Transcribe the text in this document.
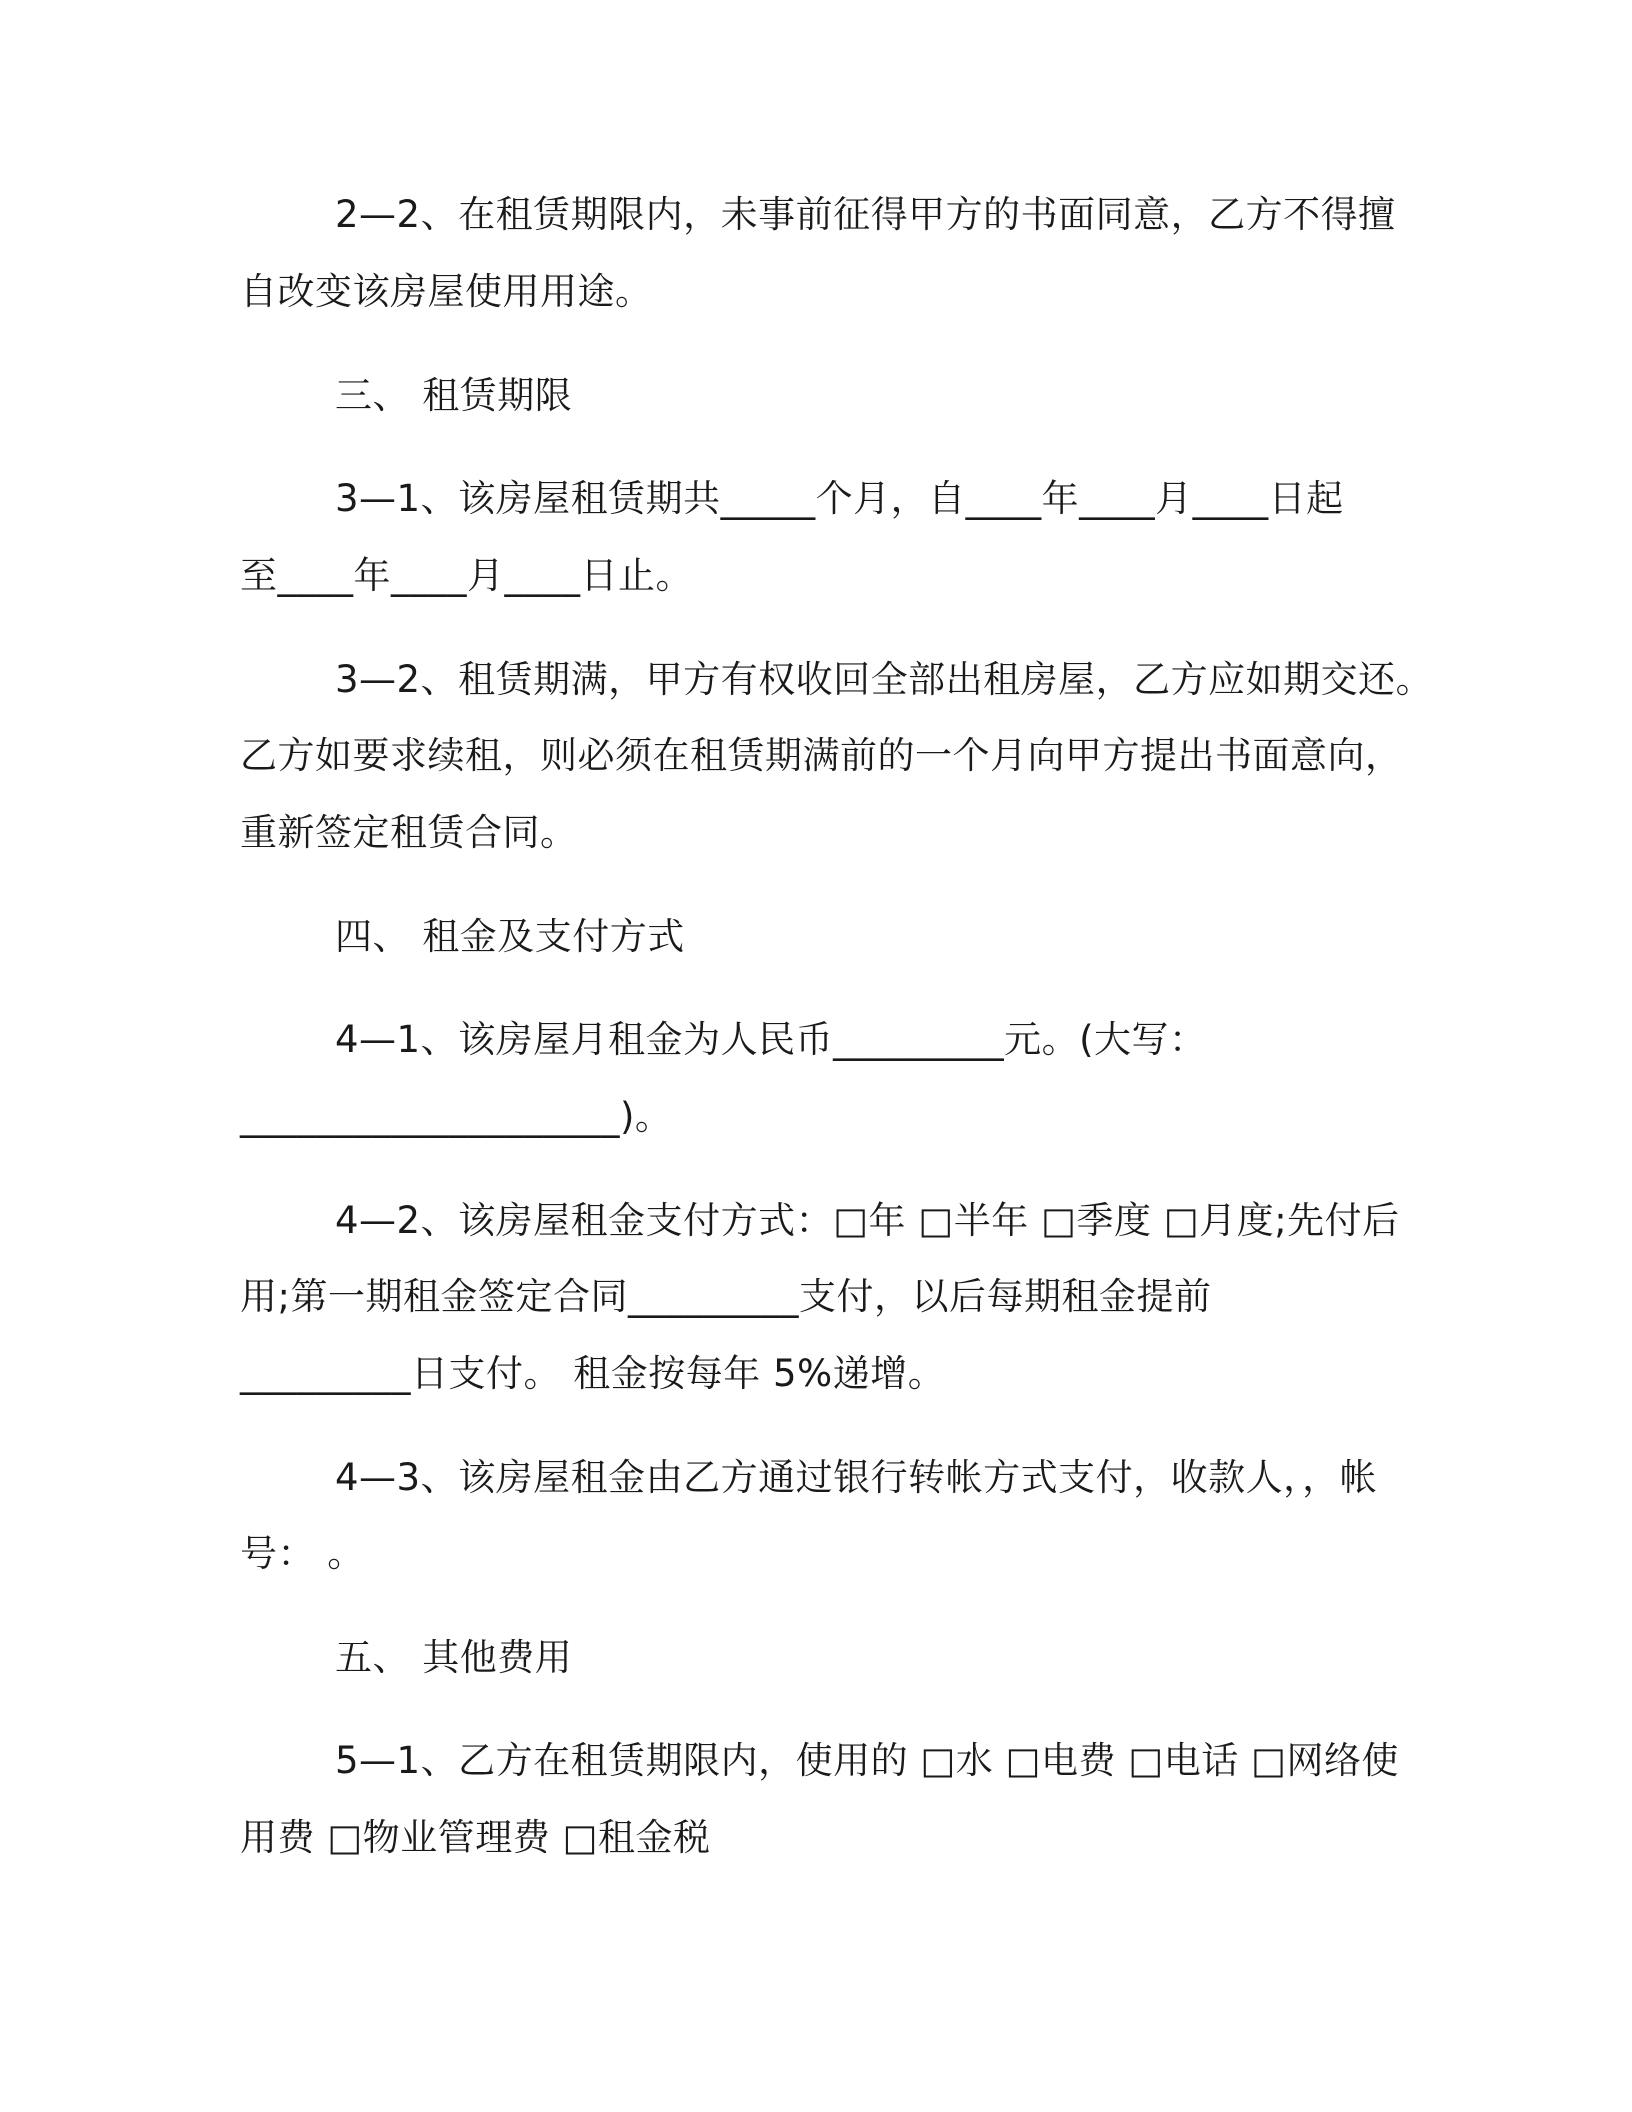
2—2、在租赁期限内，未事前征得甲方的书面同意，乙方不得擅
自改变该房屋使用用途。
三、 租赁期限
3—1、该房屋租赁期共_____个月，自____年____月____日起
至____年____月____日止。
3—2、租赁期满，甲方有权收回全部出租房屋，乙方应如期交还。
乙方如要求续租，则必须在租赁期满前的一个月向甲方提出书面意向，
重新签定租赁合同。
四、 租金及支付方式
4—1、该房屋月租金为人民币_________元。(大写：
____________________)。
4—2、该房屋租金支付方式：□年 □半年 □季度 □月度;先付后
用;第一期租金签定合同_________支付，以后每期租金提前
_________日支付。 租金按每年 5%递增。
4—3、该房屋租金由乙方通过银行转帐方式支付，收款人，，帐
号： 。
五、 其他费用
5—1、乙方在租赁期限内，使用的 □水 □电费 □电话 □网络使
用费 □物业管理费 □租金税
